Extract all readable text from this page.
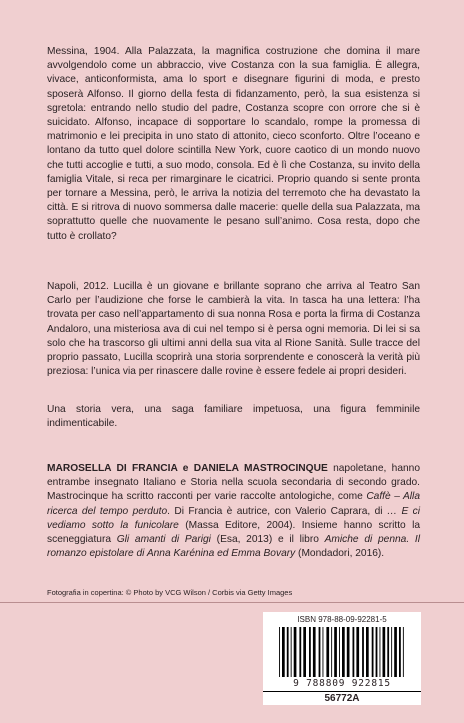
Messina, 1904. Alla Palazzata, la magnifica costruzione che domina il mare avvolgendolo come un abbraccio, vive Costanza con la sua famiglia. È allegra, vivace, anticonformista, ama lo sport e disegnare figurini di moda, e presto sposerà Alfonso. Il giorno della festa di fidanzamento, però, la sua esistenza si sgretola: entrando nello studio del padre, Costanza scopre con orrore che si è suicidato. Alfonso, incapace di sopportare lo scandalo, rompe la promessa di matrimonio e lei precipita in uno stato di attonito, cieco sconforto. Oltre l’oceano e lontano da tutto quel dolore scintilla New York, cuore caotico di un mondo nuovo che tutti accoglie e tutti, a suo modo, consola. Ed è lì che Costanza, su invito della famiglia Vitale, si reca per rimarginare le cicatrici. Proprio quando si sente pronta per tornare a Messina, però, le arriva la notizia del terremoto che ha devastato la città. E si ritrova di nuovo sommersa dalle macerie: quelle della sua Palazzata, ma soprattutto quelle che nuovamente le pesano sull’animo. Cosa resta, dopo che tutto è crollato?

Napoli, 2012. Lucilla è un giovane e brillante soprano che arriva al Teatro San Carlo per l’audizione che forse le cambierà la vita. In tasca ha una lettera: l’ha trovata per caso nell’appartamento di sua nonna Rosa e porta la firma di Costanza Andaloro, una misteriosa ava di cui nel tempo si è persa ogni memoria. Di lei si sa solo che ha trascorso gli ultimi anni della sua vita al Rione Sanità. Sulle tracce del proprio passato, Lucilla scoprirà una storia sorprendente e conoscerà la verità più preziosa: l’unica via per rinascere dalle rovine è essere fedele ai propri desideri.

Una storia vera, una saga familiare impetuosa, una figura femminile indimenticabile.

MAROSELLA DI FRANCIA e DANIELA MASTROCINQUE napoletane, hanno entrambe insegnato Italiano e Storia nella scuola secondaria di secondo grado. Mastrocinque ha scritto racconti per varie raccolte antologiche, come Caffè – Alla ricerca del tempo perduto. Di Francia è autrice, con Valerio Caprara, di … E ci vediamo sotto la funicolare (Massa Editore, 2004). Insieme hanno scritto la sceneggiatura Gli amanti di Parigi (Esa, 2013) e il libro Amiche di penna. Il romanzo epistolare di Anna Karénina ed Emma Bovary (Mondadori, 2016).

Fotografia in copertina: © Photo by VCG Wilson / Corbis via Getty Images

ISBN 978-88-09-92281-5
9 788809 922815
56772A
